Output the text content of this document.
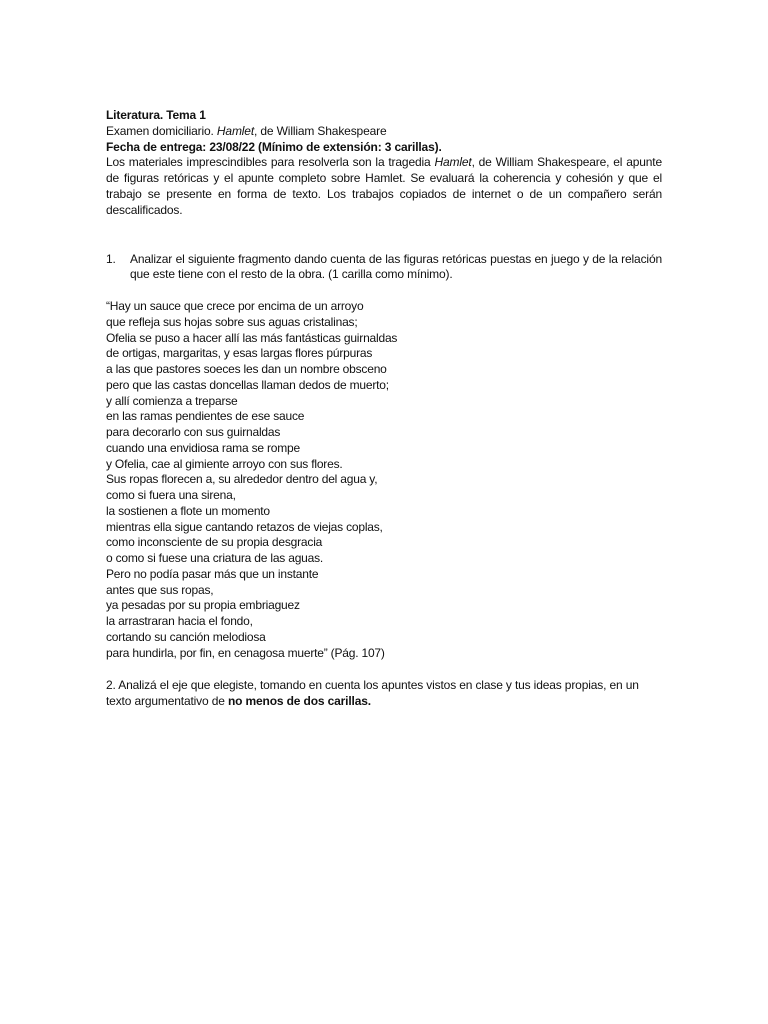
Literatura. Tema 1
Examen domiciliario. Hamlet, de William Shakespeare
Fecha de entrega: 23/08/22 (Mínimo de extensión: 3 carillas).

Los materiales imprescindibles para resolverla son la tragedia Hamlet, de William Shakespeare, el apunte de figuras retóricas y el apunte completo sobre Hamlet. Se evaluará la coherencia y cohesión y que el trabajo se presente en forma de texto. Los trabajos copiados de internet o de un compañero serán descalificados.

1.	Analizar el siguiente fragmento dando cuenta de las figuras retóricas puestas en juego y de la relación que este tiene con el resto de la obra. (1 carilla como mínimo).
“Hay un sauce que crece por encima de un arroyo
que refleja sus hojas sobre sus aguas cristalinas;
Ofelia se puso a hacer allí las más fantásticas guirnaldas
de ortigas, margaritas, y esas largas flores púrpuras
a las que pastores soeces les dan un nombre obsceno
pero que las castas doncellas llaman dedos de muerto;
y allí comienza a treparse
en las ramas pendientes de ese sauce
para decorarlo con sus guirnaldas
cuando una envidiosa rama se rompe
y Ofelia, cae al gimiente arroyo con sus flores.
Sus ropas florecen a, su alrededor dentro del agua y,
como si fuera una sirena,
la sostienen a flote un momento
mientras ella sigue cantando retazos de viejas coplas,
como inconsciente de su propia desgracia
o como si fuese una criatura de las aguas.
Pero no podía pasar más que un instante
antes que sus ropas,
ya pesadas por su propia embriaguez
la arrastraran hacia el fondo,
cortando su canción melodiosa
para hundirla, por fin, en cenagosa muerte” (Pág. 107)

2. Analizá el eje que elegiste, tomando en cuenta los apuntes vistos en clase y tus ideas propias, en un texto argumentativo de no menos de dos carillas.
